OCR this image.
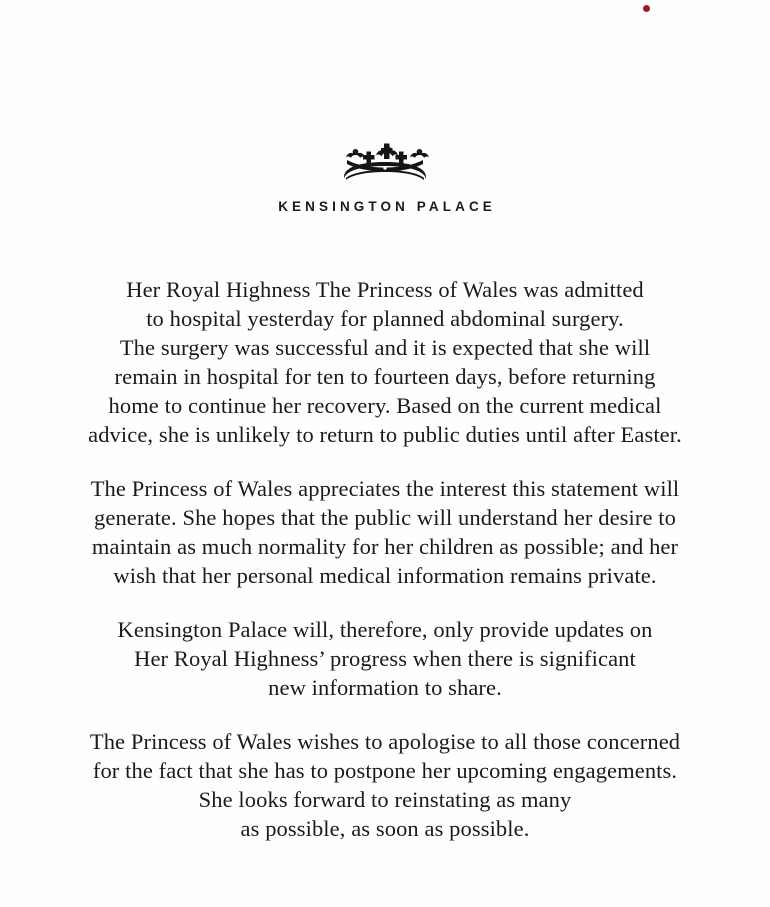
KENSINGTON PALACE

Her Royal Highness The Princess of Wales was admitted
to hospital yesterday for planned abdominal surgery.
The surgery was successful and it is expected that she will
remain in hospital for ten to fourteen days, before returning
home to continue her recovery. Based on the current medical
advice, she is unlikely to return to public duties until after Easter.

The Princess of Wales appreciates the interest this statement will
generate. She hopes that the public will understand her desire to
maintain as much normality for her children as possible; and her
wish that her personal medical information remains private.

Kensington Palace will, therefore, only provide updates on
Her Royal Highness’ progress when there is significant
new information to share.

The Princess of Wales wishes to apologise to all those concerned
for the fact that she has to postpone her upcoming engagements.
She looks forward to reinstating as many
as possible, as soon as possible.
